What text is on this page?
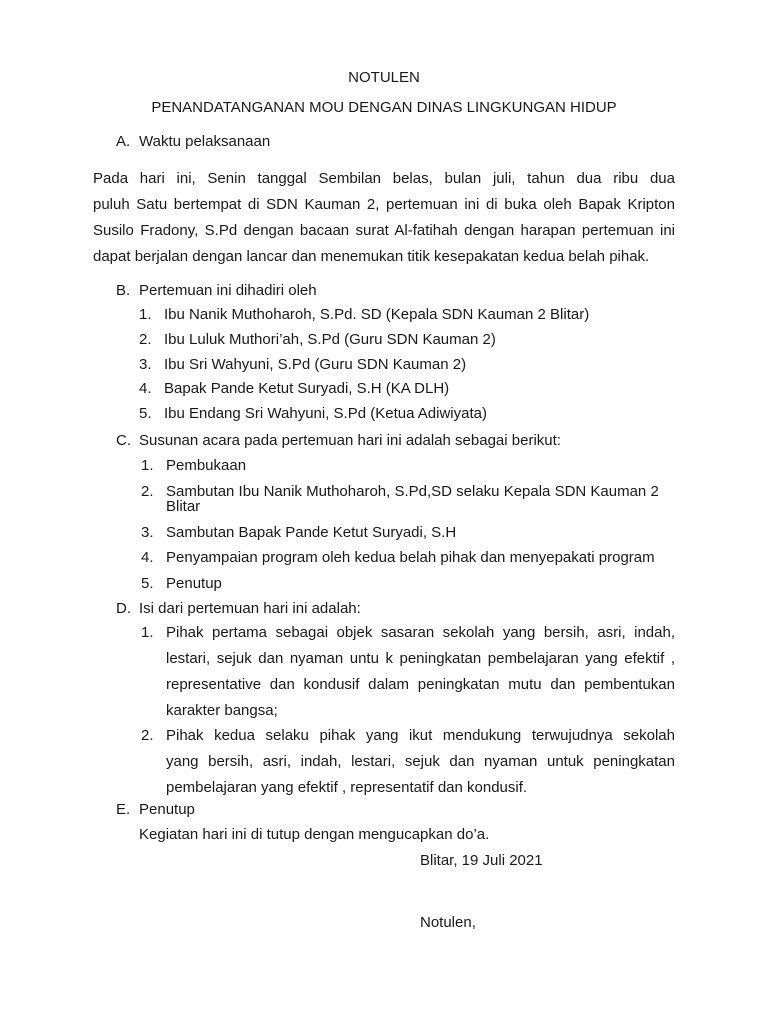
NOTULEN
PENANDATANGANAN MOU DENGAN DINAS LINGKUNGAN HIDUP
A. Waktu pelaksanaan
Pada hari ini, Senin tanggal Sembilan belas, bulan juli, tahun dua ribu dua
puluh Satu bertempat di SDN Kauman 2, pertemuan ini di buka oleh Bapak Kripton
Susilo Fradony, S.Pd dengan bacaan surat Al-fatihah dengan harapan pertemuan ini
dapat berjalan dengan lancar dan menemukan titik kesepakatan kedua belah pihak.
B. Pertemuan ini dihadiri oleh
1. Ibu Nanik Muthoharoh, S.Pd. SD (Kepala SDN Kauman 2 Blitar)
2. Ibu Luluk Muthori’ah, S.Pd (Guru SDN Kauman 2)
3. Ibu Sri Wahyuni, S.Pd (Guru SDN Kauman 2)
4. Bapak Pande Ketut Suryadi, S.H (KA DLH)
5. Ibu Endang Sri Wahyuni, S.Pd (Ketua Adiwiyata)
C. Susunan acara pada pertemuan hari ini adalah sebagai berikut:
1. Pembukaan
2. Sambutan Ibu Nanik Muthoharoh, S.Pd,SD selaku Kepala SDN Kauman 2
Blitar
3. Sambutan Bapak Pande Ketut Suryadi, S.H
4. Penyampaian program oleh kedua belah pihak dan menyepakati program
5. Penutup
D. Isi dari pertemuan hari ini adalah:
1. Pihak pertama sebagai objek sasaran sekolah yang bersih, asri, indah,
lestari, sejuk dan nyaman untu k peningkatan pembelajaran yang efektif ,
representative dan kondusif dalam peningkatan mutu dan pembentukan
karakter bangsa;
2. Pihak kedua selaku pihak yang ikut mendukung terwujudnya sekolah
yang bersih, asri, indah, lestari, sejuk dan nyaman untuk peningkatan
pembelajaran yang efektif , representatif dan kondusif.
E. Penutup
Kegiatan hari ini di tutup dengan mengucapkan do’a.
Blitar, 19 Juli 2021
Notulen,
